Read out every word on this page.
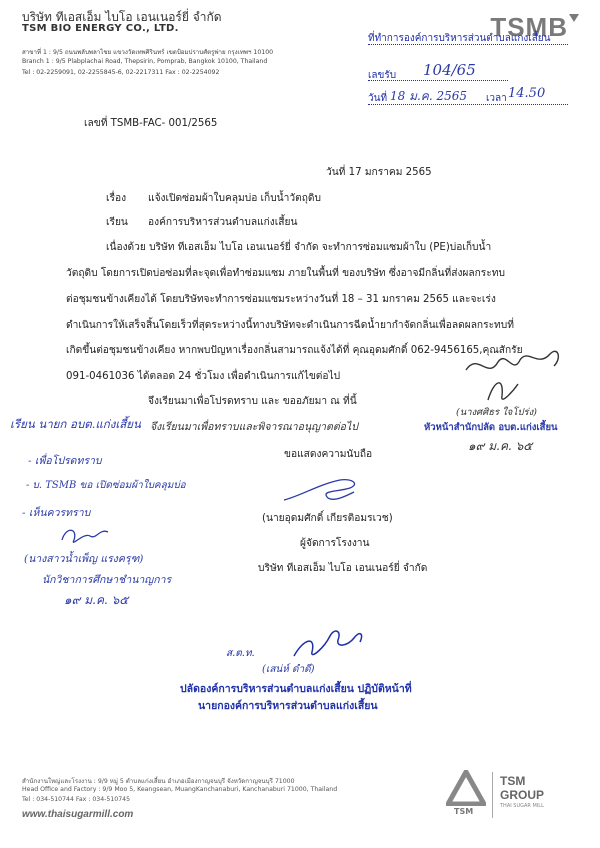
บริษัท ทีเอสเอ็ม ไบโอ เอนเนอร์ยี่ จำกัด
TSM BIO ENERGY CO., LTD.
สาขาที่ 1 : 9/5 ถนนพลับพลาไชย แขวงวัดเทพศิรินทร์ เขตป้อมปราบศัตรูพ่าย กรุงเทพฯ 10100
Branch 1 : 9/5 Plabplachai Road, Thepsirin, Pomprab, Bangkok 10100, Thailand
Tel : 02-2259091, 02-2255845-6, 02-2217311 Fax : 02-2254092
TSMB
ที่ทำการองค์การบริหารส่วนตำบลแก่งเสี้ยน
เลขรับ 104/65
วันที่ 18 ม.ค. 2565 เวลา 14.50
เลขที่ TSMB-FAC- 001/2565
วันที่ 17 มกราคม 2565
เรื่อง แจ้งเปิดซ่อมผ้าใบคลุมบ่อ เก็บน้ำวัตถุดิบ
เรียน องค์การบริหารส่วนตำบลแก่งเสี้ยน
เนื่องด้วย บริษัท ทีเอสเอ็ม ไบโอ เอนเนอร์ยี่ จำกัด จะทำการซ่อมแซมผ้าใบ (PE)บ่อเก็บน้ำ
วัตถุดิบ โดยการเปิดบ่อซ่อมที่ละจุดเพื่อทำซ่อมแซม ภายในพื้นที่ ของบริษัท ซึ่งอาจมีกลิ่นที่ส่งผลกระทบ
ต่อชุมชนข้างเคียงได้ โดยบริษัทจะทำการซ่อมแซมระหว่างวันที่ 18 – 31 มกราคม 2565 และจะเร่ง
ดำเนินการให้เสร็จสิ้นโดยเร็วที่สุดระหว่างนี้ทางบริษัทจะดำเนินการฉีดน้ำยากำจัดกลิ่นเพื่อลดผลกระทบที่
เกิดขึ้นต่อชุมชนข้างเคียง หากพบปัญหาเรื่องกลิ่นสามารถแจ้งได้ที่ คุณอุดมศักดิ์ 062-9456165,คุณสักรัย
091-0461036 ได้ตลอด 24 ชั่วโมง เพื่อดำเนินการแก้ไขต่อไป
จึงเรียนมาเพื่อโปรดทราบ และ ขออภัยมา ณ ที่นี้
(นางศศิธร ใจโปร่ง)
หัวหน้าสำนักปลัด อบต.แก่งเสี้ยน
๑๙ ม.ค. ๖๕
จึงเรียนมาเพื่อทราบและพิจารณาอนุญาตต่อไป
ขอแสดงความนับถือ
เรียน นายก อบต.แก่งเสี้ยน
- เพื่อโปรดทราบ
- บ. TSMB ขอ เปิดซ่อมผ้าใบคลุมบ่อ
- เห็นควรทราบ
(นางสาวน้ำเพ็ญ แรงครุฑ)
นักวิชาการศึกษาชำนาญการ
๑๙ ม.ค. ๖๕
(นายอุดมศักดิ์ เกียรติอมรเวช)
ผู้จัดการโรงงาน
บริษัท ทีเอสเอ็ม ไบโอ เอนเนอร์ยี่ จำกัด
ส.ต.ท.
(เสน่ห์ ดำดี)
ปลัดองค์การบริหารส่วนตำบลแก่งเสี้ยน ปฏิบัติหน้าที่
นายกองค์การบริหารส่วนตำบลแก่งเสี้ยน
สำนักงานใหญ่และโรงงาน : 9/9 หมู่ 5 ตำบลแก่งเสี้ยน อำเภอเมืองกาญจนบุรี จังหวัดกาญจนบุรี 71000
Head Office and Factory : 9/9 Moo 5, Keangsean, MuangKanchanaburi, Kanchanaburi 71000, Thailand
Tel : 034-510744 Fax : 034-510745
www.thaisugarmill.com	TSM
TSM
GROUP
THAI SUGAR MILL
